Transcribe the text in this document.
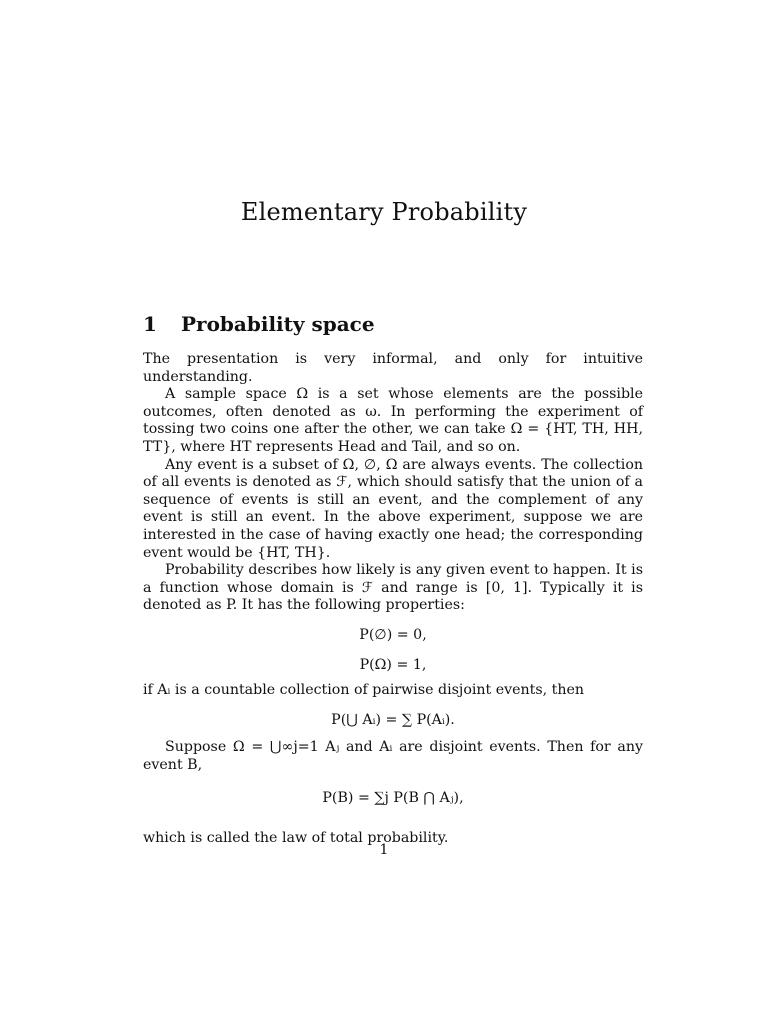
Elementary Probability
1 Probability space

The presentation is very informal, and only for intuitive understanding.

A sample space Ω is a set whose elements are the possible outcomes, often denoted as ω. In performing the experiment of tossing two coins one after the other, we can take Ω = {HT, TH, HH, TT}, where HT represents Head and Tail, and so on.

Any event is a subset of Ω, ∅, Ω are always events. The collection of all events is denoted as ℱ, which should satisfy that the union of a sequence of events is still an event, and the complement of any event is still an event. In the above experiment, suppose we are interested in the case of having exactly one head; the corresponding event would be {HT, TH}.

Probability describes how likely is any given event to happen. It is a function whose domain is ℱ and range is [0, 1]. Typically it is denoted as P. It has the following properties:

P(∅) = 0,

P(Ω) = 1,

if Aᵢ is a countable collection of pairwise disjoint events, then

P(⋃ Aᵢ) = ∑ P(Aᵢ).

Suppose Ω = ⋃∞j=1 Aⱼ and Aᵢ are disjoint events. Then for any event B,

P(B) = ∑j P(B ⋂ Aⱼ),

which is called the law of total probability.

1
